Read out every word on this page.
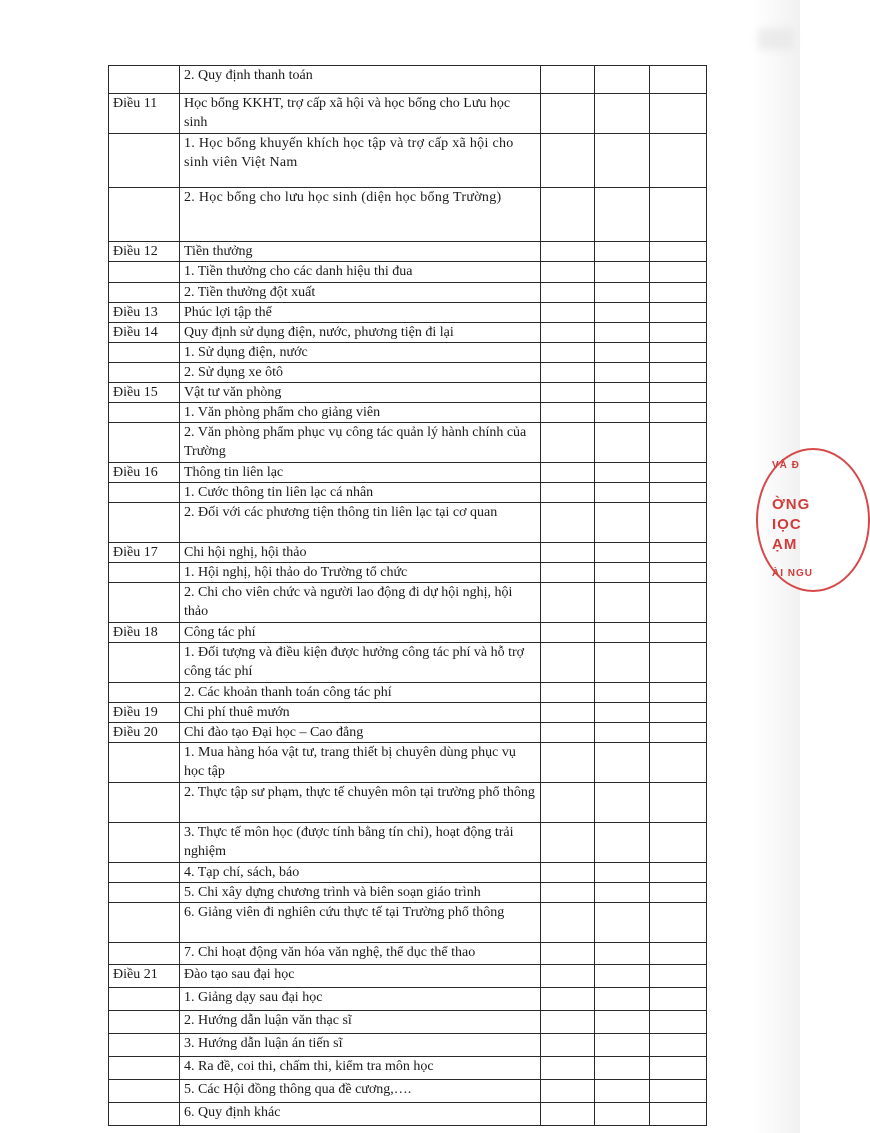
VÀ Đ
ỜNG
IỌC
ẠM
ÀI NGU
	2. Quy định thanh toán			
Điều 11	Học bổng KKHT, trợ cấp xã hội và học bổng cho Lưu học sinh			
	1. Học bổng khuyến khích học tập và trợ cấp xã hội cho sinh viên Việt Nam			
	2. Học bổng cho lưu học sinh (diện học bổng Trường)			
Điều 12	Tiền thưởng			
	1. Tiền thưởng cho các danh hiệu thi đua			
	2. Tiền thưởng đột xuất			
Điều 13	Phúc lợi tập thể			
Điều 14	Quy định sử dụng điện, nước, phương tiện đi lại			
	1. Sử dụng điện, nước			
	2. Sử dụng xe ôtô			
Điều 15	Vật tư văn phòng			
	1. Văn phòng phẩm cho giảng viên			
	2. Văn phòng phẩm phục vụ công tác quản lý hành chính của Trường			
Điều 16	Thông tin liên lạc			
	1. Cước thông tin liên lạc cá nhân			
	2. Đối với các phương tiện thông tin liên lạc tại cơ quan			
Điều 17	Chi hội nghị, hội thảo			
	1. Hội nghị, hội thảo do Trường tổ chức			
	2. Chi cho viên chức và người lao động đi dự hội nghị, hội thảo			
Điều 18	Công tác phí			
	1. Đối tượng và điều kiện được hưởng công tác phí và hỗ trợ công tác phí			
	2. Các khoản thanh toán công tác phí			
Điều 19	Chi phí thuê mướn			
Điều 20	Chi đào tạo Đại học – Cao đẳng			
	1. Mua hàng hóa vật tư, trang thiết bị chuyên dùng phục vụ học tập			
	2. Thực tập sư phạm, thực tế chuyên môn tại trường phổ thông			
	3. Thực tế môn học (được tính bằng tín chỉ), hoạt động trải nghiệm			
	4. Tạp chí, sách, báo			
	5. Chi xây dựng chương trình và biên soạn giáo trình			
	6. Giảng viên đi nghiên cứu thực tế tại Trường phổ thông			
	7. Chi hoạt động văn hóa văn nghệ, thể dục thể thao			
Điều 21	Đào tạo sau đại học			
	1. Giảng dạy sau đại học			
	2. Hướng dẫn luận văn thạc sĩ			
	3. Hướng dẫn luận án tiến sĩ			
	4. Ra đề, coi thi, chấm thi, kiểm tra môn học			
	5. Các Hội đồng thông qua đề cương,….			
	6. Quy định khác			
